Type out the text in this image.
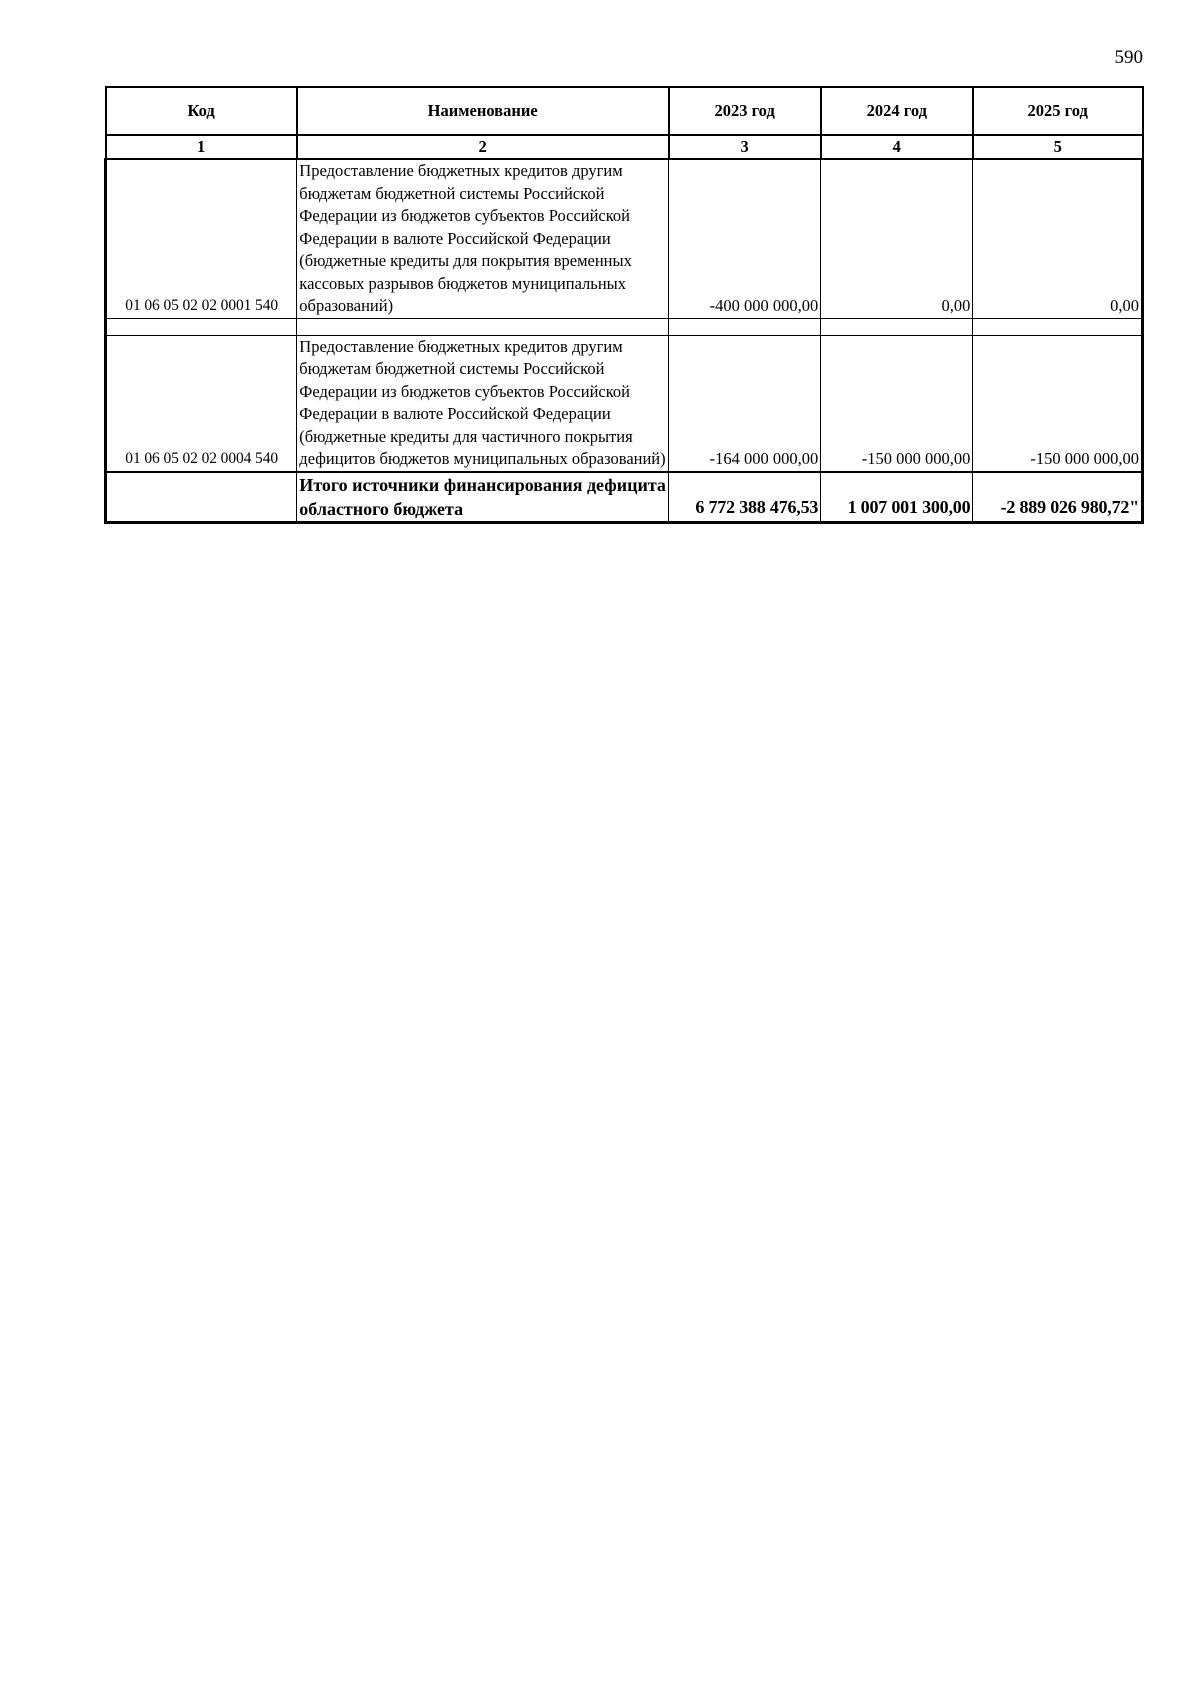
590
Код	Наименование	2023 год	2024 год	2025 год
1	2	3	4	5
01 06 05 02 02 0001 540	Предоставление бюджетных кредитов другим бюджетам бюджетной системы Российской Федерации из бюджетов субъектов Российской Федерации в валюте Российской Федерации (бюджетные кредиты для покрытия временных кассовых разрывов бюджетов муниципальных образований)	-400 000 000,00	0,00	0,00

01 06 05 02 02 0004 540	Предоставление бюджетных кредитов другим бюджетам бюджетной системы Российской Федерации из бюджетов субъектов Российской Федерации в валюте Российской Федерации (бюджетные кредиты для частичного покрытия дефицитов бюджетов муниципальных образований)	-164 000 000,00	-150 000 000,00	-150 000 000,00
	Итого источники финансирования дефицита областного бюджета	6 772 388 476,53	1 007 001 300,00	-2 889 026 980,72"
